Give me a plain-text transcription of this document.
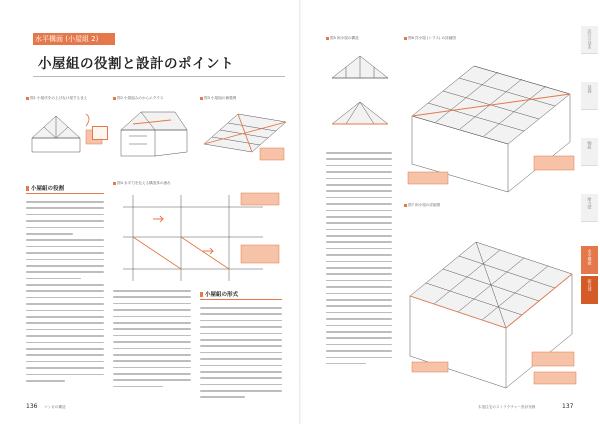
水平構面 (小屋組 2)
小屋組の役割と設計のポイント
図1 小屋伏をの上げなけ屋するまえ	図2 小屋組みのからエクラス	図3 小屋組の補強例
小屋組の役割
図4 水平力を伝える構造体の流れ
小屋組の形式
136 マンガの構造
図5 和小屋の構造	図6 洋小屋 (トラス) の詳細図
図7 和小屋の詳細図
木造住宅のストラクチャー設計実務	137
設計の基本
基礎
軸組
耐力壁
水平構面
接合部
